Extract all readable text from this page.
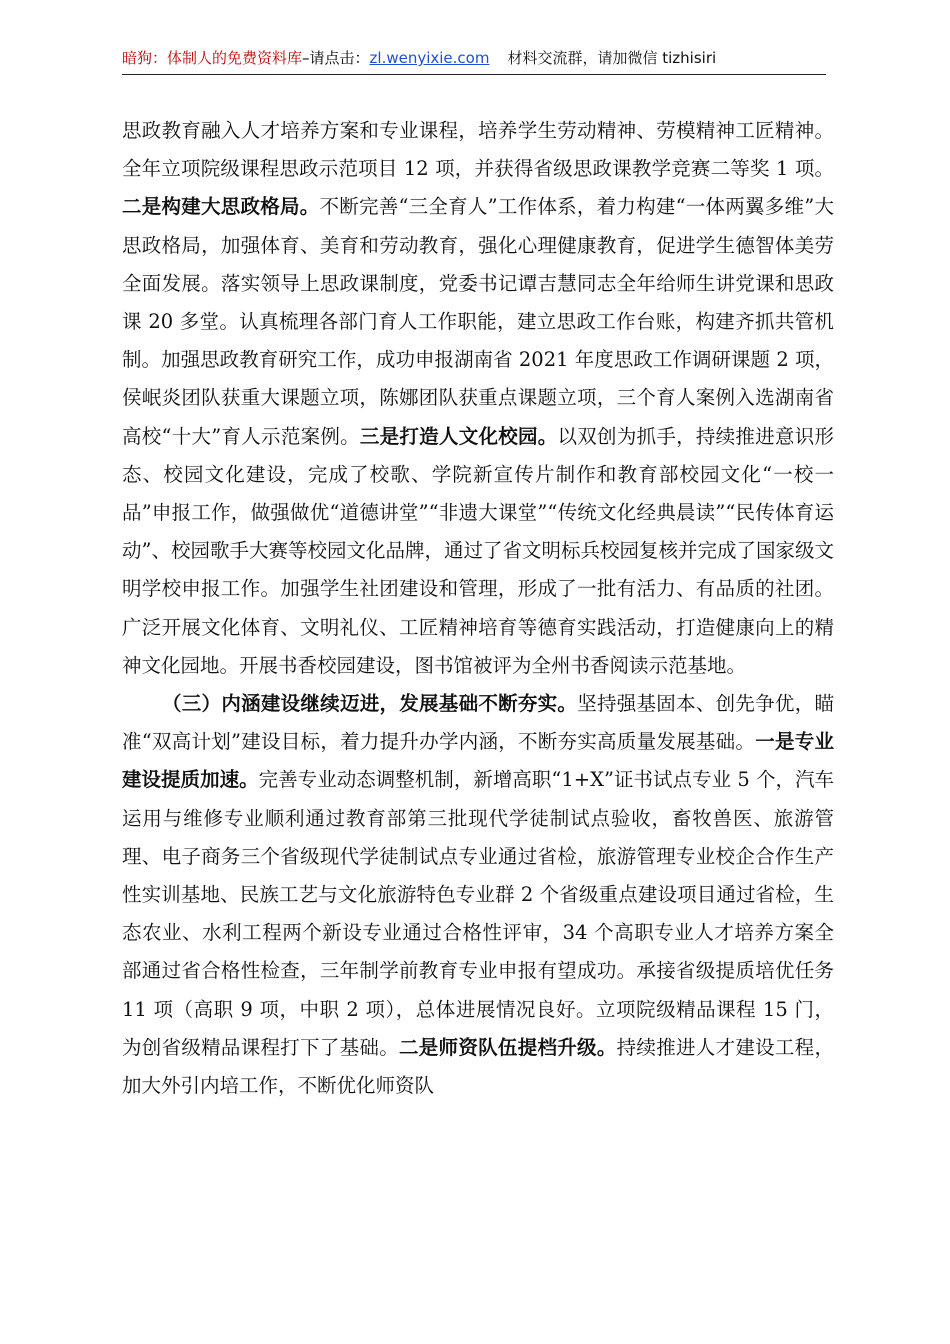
暗狗：体制人的免费资料库–请点击：zl.wenyixie.com 材料交流群，请加微信 tizhisiri

思政教育融入人才培养方案和专业课程，培养学生劳动精神、劳模精神工匠精神。全年立项院级课程思政示范项目 12 项，并获得省级思政课教学竞赛二等奖 1 项。二是构建大思政格局。不断完善“三全育人”工作体系，着力构建“一体两翼多维”大思政格局，加强体育、美育和劳动教育，强化心理健康教育，促进学生德智体美劳全面发展。落实领导上思政课制度，党委书记谭吉慧同志全年给师生讲党课和思政课 20 多堂。认真梳理各部门育人工作职能，建立思政工作台账，构建齐抓共管机制。加强思政教育研究工作，成功申报湖南省 2021 年度思政工作调研课题 2 项，侯岷炎团队获重大课题立项，陈娜团队获重点课题立项，三个育人案例入选湖南省高校“十大”育人示范案例。三是打造人文化校园。以双创为抓手，持续推进意识形态、校园文化建设，完成了校歌、学院新宣传片制作和教育部校园文化“一校一品”申报工作，做强做优“道德讲堂”“非遗大课堂”“传统文化经典晨读”“民传体育运动”、校园歌手大赛等校园文化品牌，通过了省文明标兵校园复核并完成了国家级文明学校申报工作。加强学生社团建设和管理，形成了一批有活力、有品质的社团。广泛开展文化体育、文明礼仪、工匠精神培育等德育实践活动，打造健康向上的精神文化园地。开展书香校园建设，图书馆被评为全州书香阅读示范基地。

（三）内涵建设继续迈进，发展基础不断夯实。坚持强基固本、创先争优，瞄准“双高计划”建设目标，着力提升办学内涵，不断夯实高质量发展基础。一是专业建设提质加速。完善专业动态调整机制，新增高职“1+X”证书试点专业 5 个，汽车运用与维修专业顺利通过教育部第三批现代学徒制试点验收，畜牧兽医、旅游管理、电子商务三个省级现代学徒制试点专业通过省检，旅游管理专业校企合作生产性实训基地、民族工艺与文化旅游特色专业群 2 个省级重点建设项目通过省检，生态农业、水利工程两个新设专业通过合格性评审，34 个高职专业人才培养方案全部通过省合格性检查，三年制学前教育专业申报有望成功。承接省级提质培优任务 11 项（高职 9 项，中职 2 项），总体进展情况良好。立项院级精品课程 15 门，为创省级精品课程打下了基础。二是师资队伍提档升级。持续推进人才建设工程，加大外引内培工作，不断优化师资队
